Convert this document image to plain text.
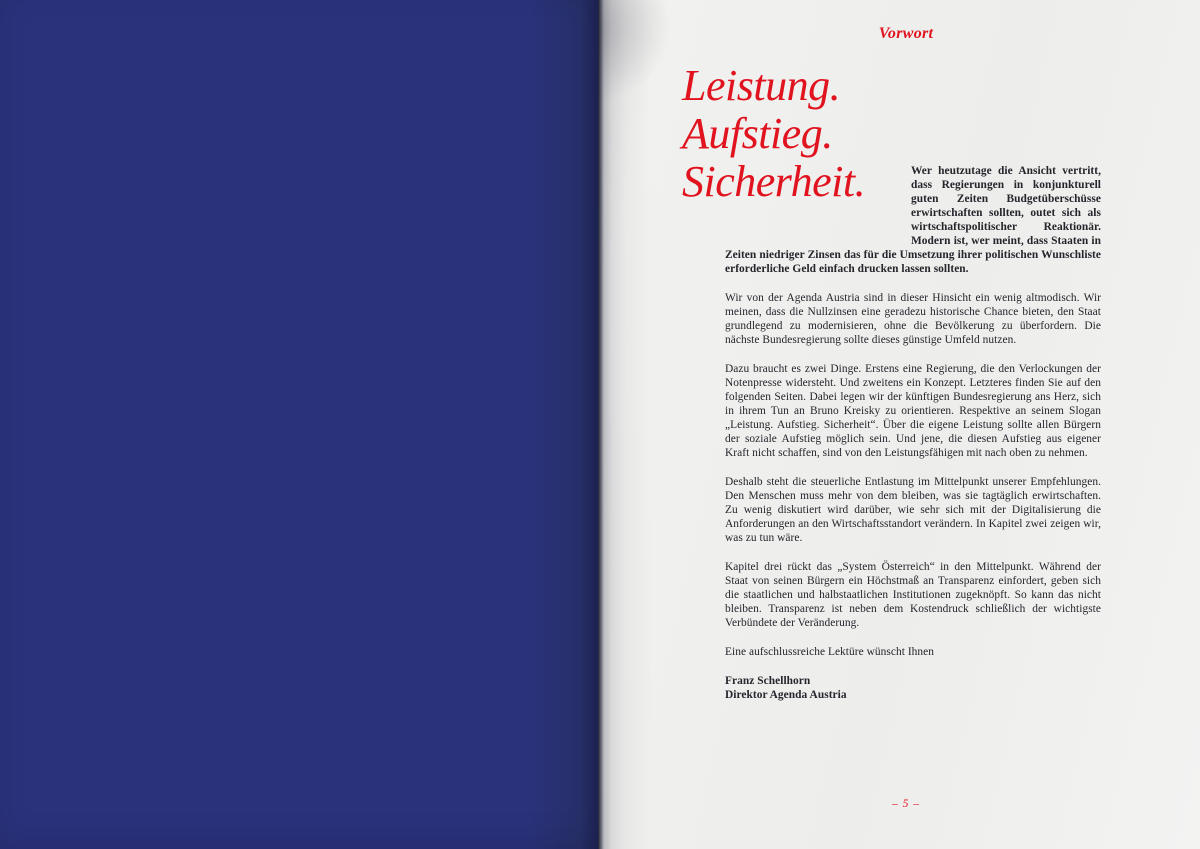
Vorwort
Leistung.
Aufstieg.
Sicherheit.	Wer heutzutage die Ansicht vertritt, dass Regierungen in konjunkturell guten Zeiten Budgetüberschüsse erwirtschaften sollten, outet sich als wirtschaftspolitischer Reaktionär. Modern ist, wer meint, dass Staaten in Zeiten niedriger Zinsen das für die Umsetzung ihrer politischen Wunschliste erforderliche Geld einfach drucken lassen sollten.

Wir von der Agenda Austria sind in dieser Hinsicht ein wenig altmodisch. Wir meinen, dass die Nullzinsen eine geradezu historische Chance bieten, den Staat grundlegend zu modernisieren, ohne die Bevölkerung zu überfordern. Die nächste Bundesregierung sollte dieses günstige Umfeld nutzen.

Dazu braucht es zwei Dinge. Erstens eine Regierung, die den Verlockungen der Notenpresse widersteht. Und zweitens ein Konzept. Letzteres finden Sie auf den folgenden Seiten. Dabei legen wir der künftigen Bundesregierung ans Herz, sich in ihrem Tun an Bruno Kreisky zu orientieren. Respektive an seinem Slogan „Leistung. Aufstieg. Sicherheit“. Über die eigene Leistung sollte allen Bürgern der soziale Aufstieg möglich sein. Und jene, die diesen Aufstieg aus eigener Kraft nicht schaffen, sind von den Leistungsfähigen mit nach oben zu nehmen.

Deshalb steht die steuerliche Entlastung im Mittelpunkt unserer Empfehlungen. Den Menschen muss mehr von dem bleiben, was sie tagtäglich erwirtschaften. Zu wenig diskutiert wird darüber, wie sehr sich mit der Digitalisierung die Anforderungen an den Wirtschaftsstandort verändern. In Kapitel zwei zeigen wir, was zu tun wäre.

Kapitel drei rückt das „System Österreich“ in den Mittelpunkt. Während der Staat von seinen Bürgern ein Höchstmaß an Transparenz einfordert, geben sich die staatlichen und halbstaatlichen Institutionen zugeknöpft. So kann das nicht bleiben. Transparenz ist neben dem Kostendruck schließlich der wichtigste Verbündete der Veränderung.

Eine aufschlussreiche Lektüre wünscht Ihnen

Franz Schellhorn
Direktor Agenda Austria

– 5 –
